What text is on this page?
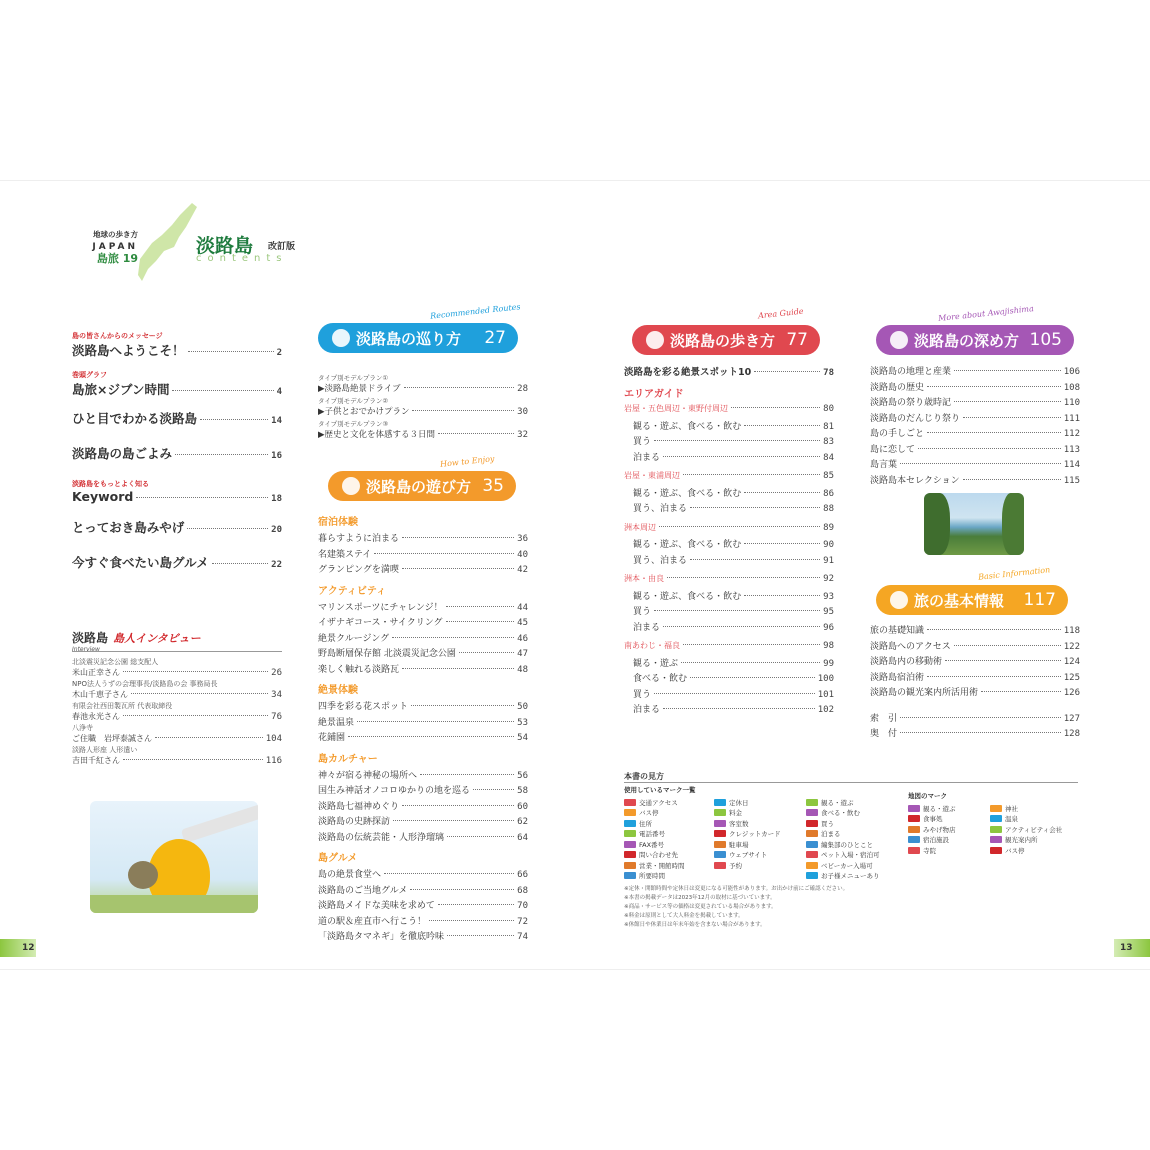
地球の歩き方
JAPAN
島旅 19
淡路島 改訂版
contents
島の皆さんからのメッセージ
淡路島へようこそ！	2
巻頭グラフ
島旅×ジブン時間	4
ひと目でわかる淡路島	14
淡路島の島ごよみ	16
淡路島をもっとよく知る
Keyword	18
とっておき島みやげ	20
今すぐ食べたい島グルメ	22
淡路島 島人インタビュー
Interview
北淡震災記念公園 総支配人
米山正幸さん	26
NPO法人うずの会理事長/淡路島の会 事務局長
木山千恵子さん	34
有限会社西田製瓦所 代表取締役
春池永光さん	76
八浄寺
ご住職　岩坪泰誠さん	104
淡路人形座 人形遣い
吉田千紅さん	116
Recommended Routes
淡路島の巡り方 27
タイプ別モデルプラン①
▶淡路島絶景ドライブ	28
タイプ別モデルプラン②
▶子供とおでかけプラン	30
タイプ別モデルプラン③
▶歴史と文化を体感する３日間	32
How to Enjoy
淡路島の遊び方 35
宿泊体験
暮らすように泊まる	36
名建築ステイ	40
グランピングを満喫	42
アクティビティ
マリンスポーツにチャレンジ！	44
イザナギコース・サイクリング	45
絶景クルージング	46
野島断層保存館 北淡震災記念公園	47
楽しく触れる淡路瓦	48
絶景体験
四季を彩る花スポット	50
絶景温泉	53
花鋪園	54
島カルチャー
神々が宿る神秘の場所へ	56
国生み神話オノコロゆかりの地を巡る	58
淡路島七福神めぐり	60
淡路島の史跡探訪	62
淡路島の伝統芸能・人形浄瑠璃	64
島グルメ
島の絶景食堂へ	66
淡路島のご当地グルメ	68
淡路島メイドな美味を求めて	70
道の駅＆産直市へ行こう！	72
「淡路島タマネギ」を徹底吟味	74
Area Guide
淡路島の歩き方 77
淡路島を彩る絶景スポット10	78
エリアガイド
岩屋・五色周辺・東野付周辺	80
　観る・遊ぶ、食べる・飲む	81
　買う	83
　泊まる	84
岩屋・東浦周辺	85
　観る・遊ぶ、食べる・飲む	86
　買う、泊まる	88
洲本周辺	89
　観る・遊ぶ、食べる・飲む	90
　買う、泊まる	91
洲本・由良	92
　観る・遊ぶ、食べる・飲む	93
　買う	95
　泊まる	96
南あわじ・福良	98
　観る・遊ぶ	99
　食べる・飲む	100
　買う	101
　泊まる	102
More about Awajishima
淡路島の深め方 105
淡路島の地理と産業	106
淡路島の歴史	108
淡路島の祭り歳時記	110
淡路島のだんじり祭り	111
島の手しごと	112
島に恋して	113
島言葉	114
淡路島本セレクション	115
Basic Information
旅の基本情報 117
旅の基礎知識	118
淡路島へのアクセス	122
淡路島内の移動術	124
淡路島宿泊術	125
淡路島の観光案内所活用術	126
索　引	127
奥　付	128
本書の見方
使用しているマーク一覧
交通アクセス
バス停
住所
電話番号
FAX番号
問い合わせ先
営業・開館時間
所要時間
定休日
料金
客室数
クレジットカード
駐車場
ウェブサイト
予約
観る・遊ぶ
食べる・飲む
買う
泊まる
編集部のひとこと
ペット入場・宿泊可
ベビーカー入場可
お子様メニューあり
地図のマーク
観る・遊ぶ
食事処
みやげ物店
宿泊施設
寺院
神社
温泉
アクティビティ会社
観光案内所
バス停
※定休・開館時間や定休日は変更になる可能性があります。お出かけ前にご確認ください。
※本書の掲載データは2023年12月の取材に基づいています。
※商品・サービス等の価格は変更されている場合があります。
※料金は原則として大人料金を掲載しています。
※休館日や休業日は年末年始を含まない場合があります。
12	13
